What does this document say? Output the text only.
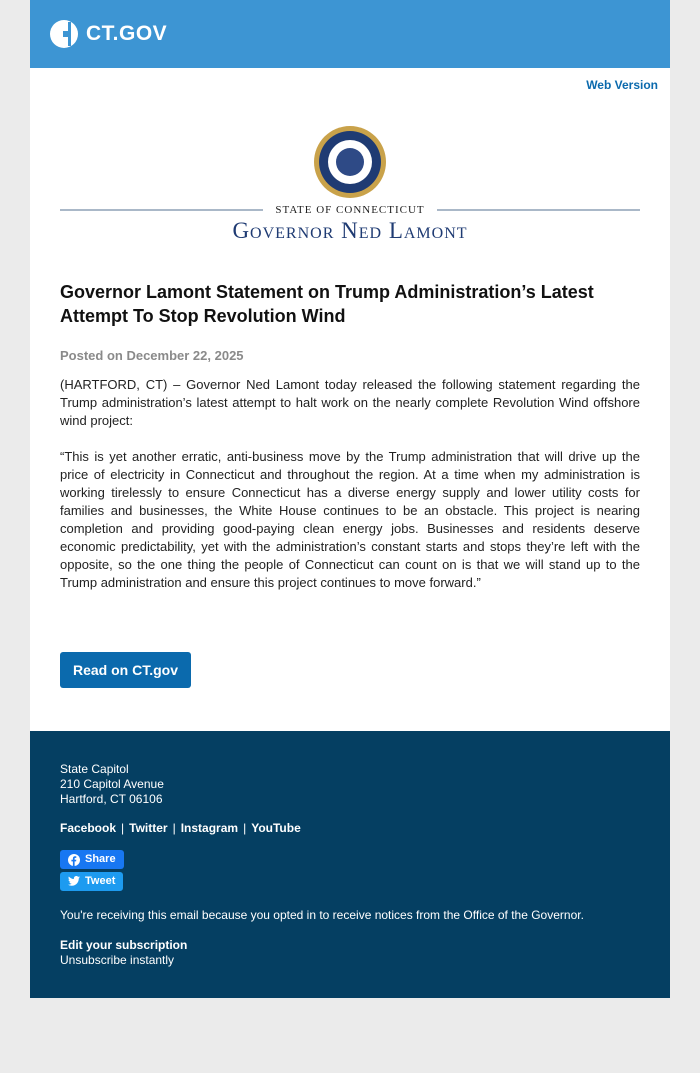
CT.GOV
Web Version
STATE OF CONNECTICUT
Governor Ned Lamont
Governor Lamont Statement on Trump Administration’s Latest Attempt To Stop Revolution Wind
Posted on December 22, 2025

(HARTFORD, CT) – Governor Ned Lamont today released the following statement regarding the Trump administration’s latest attempt to halt work on the nearly complete Revolution Wind offshore wind project:

“This is yet another erratic, anti-business move by the Trump administration that will drive up the price of electricity in Connecticut and throughout the region. At a time when my administration is working tirelessly to ensure Connecticut has a diverse energy supply and lower utility costs for families and businesses, the White House continues to be an obstacle. This project is nearing completion and providing good-paying clean energy jobs. Businesses and residents deserve economic predictability, yet with the administration’s constant starts and stops they’re left with the opposite, so the one thing the people of Connecticut can count on is that we will stand up to the Trump administration and ensure this project continues to move forward.”

Read on CT.gov
State Capitol
210 Capitol Avenue
Hartford, CT 06106
Facebook | Twitter | Instagram | YouTube
Share
Tweet
You're receiving this email because you opted in to receive notices from the Office of the Governor.
Edit your subscription
Unsubscribe instantly
